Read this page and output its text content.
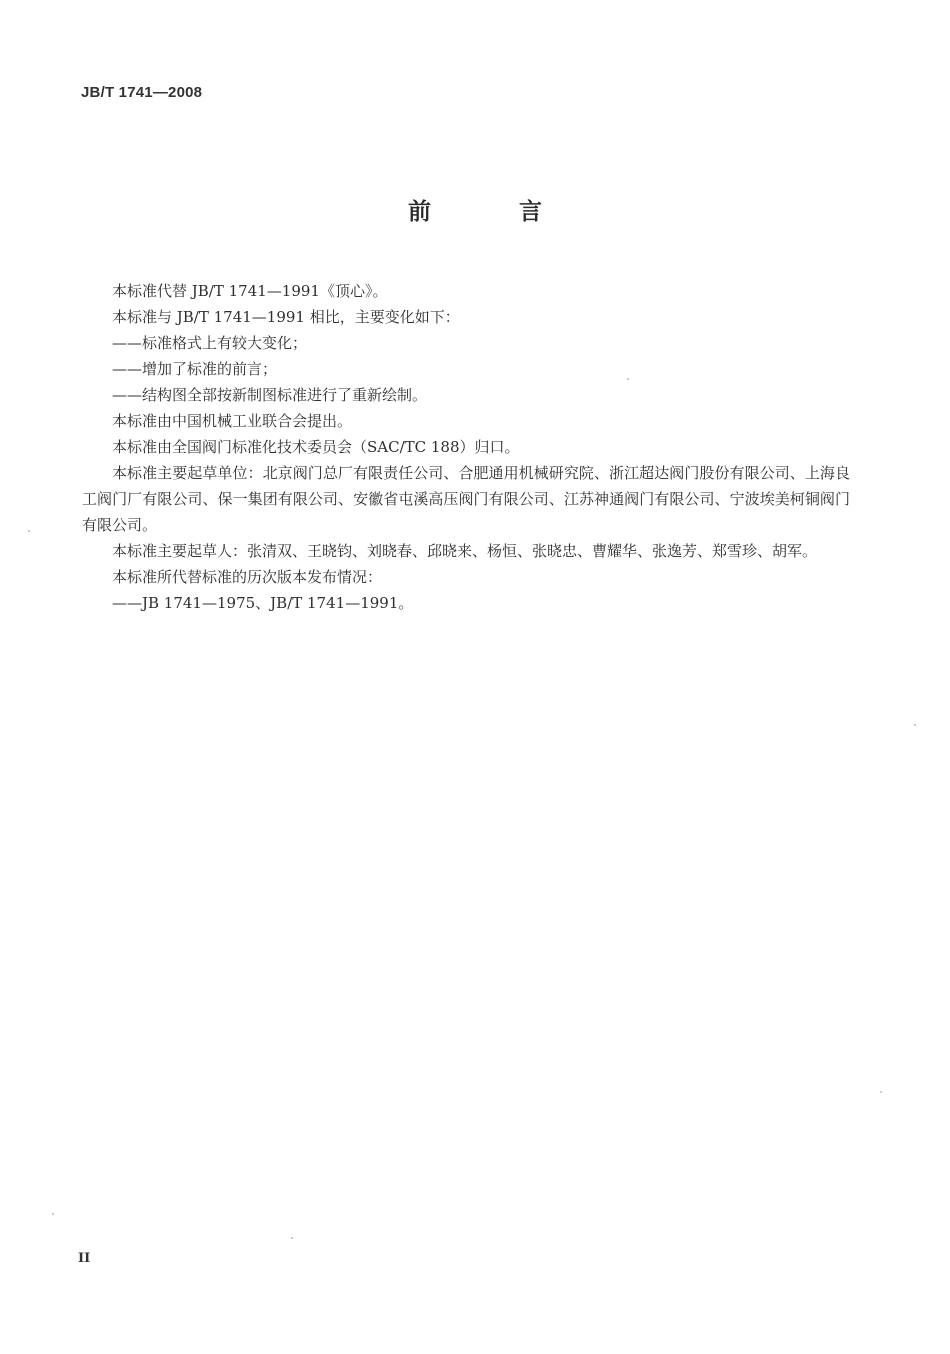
JB/T 1741—2008
前 言

本标准代替 JB/T 1741—1991《顶心》。

本标准与 JB/T 1741—1991 相比，主要变化如下：

——标准格式上有较大变化；

——增加了标准的前言；

——结构图全部按新制图标准进行了重新绘制。

本标准由中国机械工业联合会提出。

本标准由全国阀门标准化技术委员会（SAC/TC 188）归口。

本标准主要起草单位：北京阀门总厂有限责任公司、合肥通用机械研究院、浙江超达阀门股份有限公司、上海良工阀门厂有限公司、保一集团有限公司、安徽省屯溪高压阀门有限公司、江苏神通阀门有限公司、宁波埃美柯铜阀门有限公司。

本标准主要起草人：张清双、王晓钧、刘晓春、邱晓来、杨恒、张晓忠、曹耀华、张逸芳、郑雪珍、胡军。

本标准所代替标准的历次版本发布情况：

——JB 1741—1975、JB/T 1741—1991。

II
